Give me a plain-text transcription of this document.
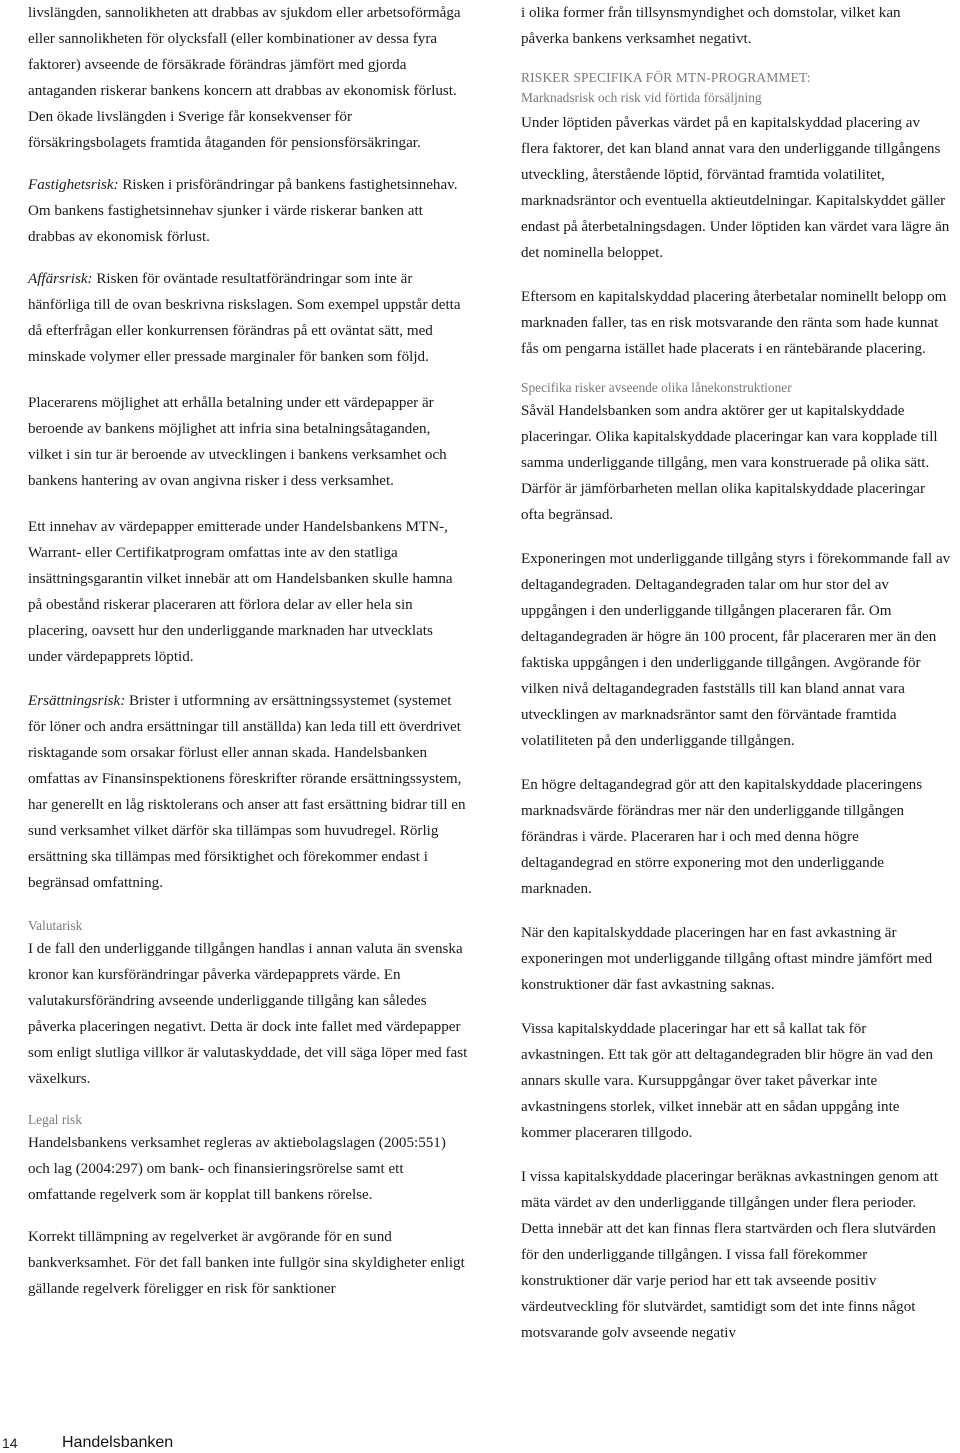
livslängden, sannolikheten att drabbas av sjukdom eller arbetsoförmåga eller sannolikheten för olycksfall (eller kombinationer av dessa fyra faktorer) avseende de försäkrade förändras jämfört med gjorda antaganden riskerar bankens koncern att drabbas av ekonomisk förlust. Den ökade livslängden i Sverige får konsekvenser för försäkringsbolagets framtida åtaganden för pensionsförsäkringar.

Fastighetsrisk: Risken i prisförändringar på bankens fastighetsinnehav. Om bankens fastighetsinnehav sjunker i värde riskerar banken att drabbas av ekonomisk förlust.

Affärsrisk: Risken för oväntade resultatförändringar som inte är hänförliga till de ovan beskrivna riskslagen. Som exempel uppstår detta då efterfrågan eller konkurrensen förändras på ett oväntat sätt, med minskade volymer eller pressade marginaler för banken som följd.

Placerarens möjlighet att erhålla betalning under ett värdepapper är beroende av bankens möjlighet att infria sina betalningsåtaganden, vilket i sin tur är beroende av utvecklingen i bankens verksamhet och bankens hantering av ovan angivna risker i dess verksamhet.

Ett innehav av värdepapper emitterade under Handelsbankens MTN-, Warrant- eller Certifikatprogram omfattas inte av den statliga insättningsgarantin vilket innebär att om Handelsbanken skulle hamna på obestånd riskerar placeraren att förlora delar av eller hela sin placering, oavsett hur den underliggande marknaden har utvecklats under värdepapprets löptid.

Ersättningsrisk: Brister i utformning av ersättningssystemet (systemet för löner och andra ersättningar till anställda) kan leda till ett överdrivet risktagande som orsakar förlust eller annan skada. Handelsbanken omfattas av Finansinspektionens föreskrifter rörande ersättningssystem, har generellt en låg risktolerans och anser att fast ersättning bidrar till en sund verksamhet vilket därför ska tillämpas som huvudregel. Rörlig ersättning ska tillämpas med försiktighet och förekommer endast i begränsad omfattning.

Valutarisk

I de fall den underliggande tillgången handlas i annan valuta än svenska kronor kan kursförändringar påverka värdepapprets värde. En valutakursförändring avseende underliggande tillgång kan således påverka placeringen negativt. Detta är dock inte fallet med värdepapper som enligt slutliga villkor är valutaskyddade, det vill säga löper med fast växelkurs.

Legal risk

Handelsbankens verksamhet regleras av aktiebolagslagen (2005:551) och lag (2004:297) om bank- och finansieringsrörelse samt ett omfattande regelverk som är kopplat till bankens rörelse.

Korrekt tillämpning av regelverket är avgörande för en sund bankverksamhet. För det fall banken inte fullgör sina skyldigheter enligt gällande regelverk föreligger en risk för sanktioner

i olika former från tillsynsmyndighet och domstolar, vilket kan påverka bankens verksamhet negativt.

RISKER SPECIFIKA FÖR MTN-PROGRAMMET:
Marknadsrisk och risk vid förtida försäljning

Under löptiden påverkas värdet på en kapitalskyddad placering av flera faktorer, det kan bland annat vara den underliggande tillgångens utveckling, återstående löptid, förväntad framtida volatilitet, marknadsräntor och eventuella aktieutdelningar. Kapitalskyddet gäller endast på återbetalningsdagen. Under löptiden kan värdet vara lägre än det nominella beloppet.

Eftersom en kapitalskyddad placering återbetalar nominellt belopp om marknaden faller, tas en risk motsvarande den ränta som hade kunnat fås om pengarna istället hade placerats i en räntebärande placering.

Specifika risker avseende olika lånekonstruktioner

Såväl Handelsbanken som andra aktörer ger ut kapitalskyddade placeringar. Olika kapitalskyddade placeringar kan vara kopplade till samma underliggande tillgång, men vara konstruerade på olika sätt. Därför är jämförbarheten mellan olika kapitalskyddade placeringar ofta begränsad.

Exponeringen mot underliggande tillgång styrs i förekommande fall av deltagandegraden. Deltagandegraden talar om hur stor del av uppgången i den underliggande tillgången placeraren får. Om deltagandegraden är högre än 100 procent, får placeraren mer än den faktiska uppgången i den underliggande tillgången. Avgörande för vilken nivå deltagandegraden fastställs till kan bland annat vara utvecklingen av marknadsräntor samt den förväntade framtida volatiliteten på den underliggande tillgången.

En högre deltagandegrad gör att den kapitalskyddade placeringens marknadsvärde förändras mer när den underliggande tillgången förändras i värde. Placeraren har i och med denna högre deltagandegrad en större exponering mot den underliggande marknaden.

När den kapitalskyddade placeringen har en fast avkastning är exponeringen mot underliggande tillgång oftast mindre jämfört med konstruktioner där fast avkastning saknas.

Vissa kapitalskyddade placeringar har ett så kallat tak för avkastningen. Ett tak gör att deltagandegraden blir högre än vad den annars skulle vara. Kursuppgångar över taket påverkar inte avkastningens storlek, vilket innebär att en sådan uppgång inte kommer placeraren tillgodo.

I vissa kapitalskyddade placeringar beräknas avkastningen genom att mäta värdet av den underliggande tillgången under flera perioder. Detta innebär att det kan finnas flera startvärden och flera slutvärden för den underliggande tillgången. I vissa fall förekommer konstruktioner där varje period har ett tak avseende positiv värdeutveckling för slutvärdet, samtidigt som det inte finns något motsvarande golv avseende negativ

14	Handelsbanken
